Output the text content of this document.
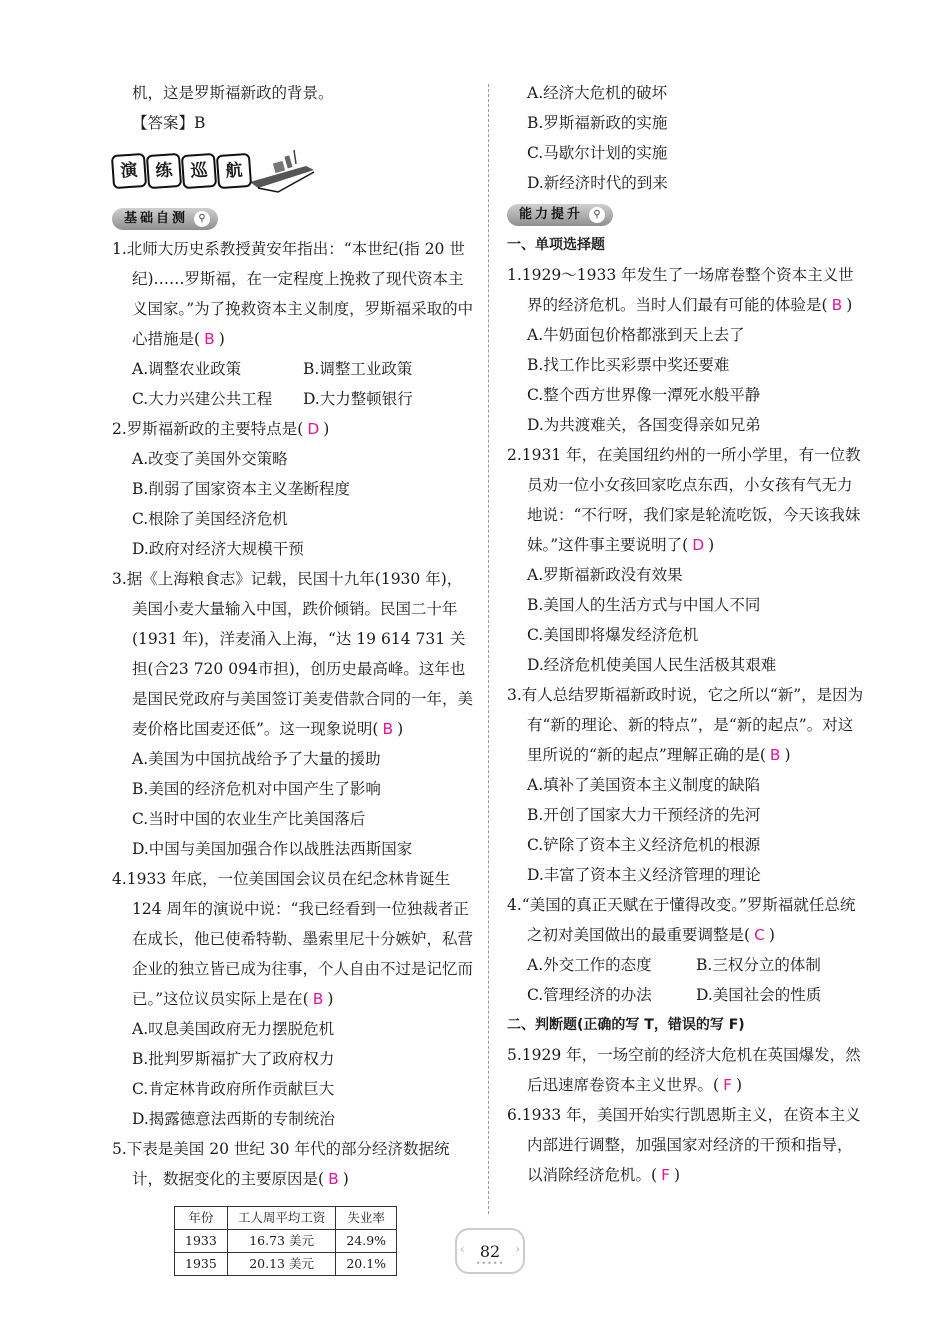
机，这是罗斯福新政的背景。
【答案】B
演 练 巡 航
基础自测	⚲
1.北师大历史系教授黄安年指出：“本世纪(指 20 世纪)……罗斯福，在一定程度上挽救了现代资本主义国家。”为了挽救资本主义制度，罗斯福采取的中心措施是( B )
A.调整农业政策	B.调整工业政策
C.大力兴建公共工程	D.大力整顿银行
2.罗斯福新政的主要特点是( D )
A.改变了美国外交策略
B.削弱了国家资本主义垄断程度
C.根除了美国经济危机
D.政府对经济大规模干预
3.据《上海粮食志》记载，民国十九年(1930 年)，美国小麦大量输入中国，跌价倾销。民国二十年(1931 年)，洋麦涌入上海，“达 19 614 731 关担(合23 720 094市担)，创历史最高峰。这年也是国民党政府与美国签订美麦借款合同的一年，美麦价格比国麦还低”。这一现象说明( B )
A.美国为中国抗战给予了大量的援助
B.美国的经济危机对中国产生了影响
C.当时中国的农业生产比美国落后
D.中国与美国加强合作以战胜法西斯国家
4.1933 年底，一位美国国会议员在纪念林肯诞生 124 周年的演说中说：“我已经看到一位独裁者正在成长，他已使希特勒、墨索里尼十分嫉妒，私营企业的独立皆已成为往事，个人自由不过是记忆而已。”这位议员实际上是在( B )
A.叹息美国政府无力摆脱危机
B.批判罗斯福扩大了政府权力
C.肯定林肯政府所作贡献巨大
D.揭露德意法西斯的专制统治
5.下表是美国 20 世纪 30 年代的部分经济数据统计，数据变化的主要原因是( B )
年份	工人周平均工资	失业率
1933	16.73 美元	24.9%
1935	20.13 美元	20.1%
A.经济大危机的破坏
B.罗斯福新政的实施
C.马歇尔计划的实施
D.新经济时代的到来
能力提升	⚲
一、单项选择题
1.1929～1933 年发生了一场席卷整个资本主义世界的经济危机。当时人们最有可能的体验是( B )
A.牛奶面包价格都涨到天上去了
B.找工作比买彩票中奖还要难
C.整个西方世界像一潭死水般平静
D.为共渡难关，各国变得亲如兄弟
2.1931 年，在美国纽约州的一所小学里，有一位教员劝一位小女孩回家吃点东西，小女孩有气无力地说：“不行呀，我们家是轮流吃饭，今天该我妹妹。”这件事主要说明了( D )
A.罗斯福新政没有效果
B.美国人的生活方式与中国人不同
C.美国即将爆发经济危机
D.经济危机使美国人民生活极其艰难
3.有人总结罗斯福新政时说，它之所以“新”，是因为有“新的理论、新的特点”，是“新的起点”。对这里所说的“新的起点”理解正确的是( B )
A.填补了美国资本主义制度的缺陷
B.开创了国家大力干预经济的先河
C.铲除了资本主义经济危机的根源
D.丰富了资本主义经济管理的理论
4.“美国的真正天赋在于懂得改变。”罗斯福就任总统之初对美国做出的最重要调整是( C )
A.外交工作的态度	B.三权分立的体制
C.管理经济的办法	D.美国社会的性质
二、判断题(正确的写 T，错误的写 F)
5.1929 年，一场空前的经济大危机在英国爆发，然后迅速席卷资本主义世界。( F )
6.1933 年，美国开始实行凯恩斯主义，在资本主义内部进行调整，加强国家对经济的干预和指导，以消除经济危机。( F )
‹ 82 ›
•••••
